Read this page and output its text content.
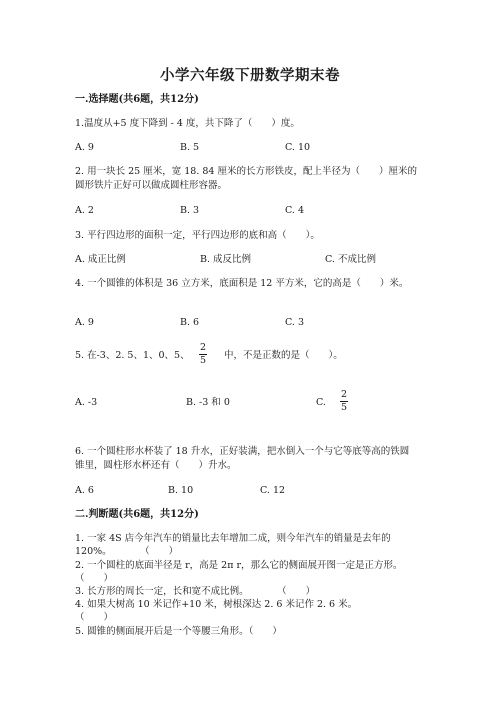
小学六年级下册数学期末卷
一.选择题(共6题，共12分)
1.温度从+5 度下降到 - 4 度，共下降了（　　）度。
A. 9	B. 5	C. 10
2. 用一块长 25 厘米，宽 18. 84 厘米的长方形铁皮，配上半径为（　　）厘米的
圆形铁片正好可以做成圆柱形容器。
A. 2	B. 3	C. 4
3. 平行四边形的面积一定，平行四边形的底和高（　　）。
A. 成正比例	B. 成反比例	C. 不成比例
4. 一个圆锥的体积是 36 立方米，底面积是 12 平方米，它的高是（　　）米。
A. 9	B. 6	C. 3
5. 在-3、2. 5、1、0、5、
2
5 中，不是正数的是（　　）。
A. -3	B. -3 和 0	C.
2
5
6. 一个圆柱形水杯装了 18 升水，正好装满，把水倒入一个与它等底等高的铁圆
锥里，圆柱形水杯还有（　　）升水。
A. 6	B. 10	C. 12
二.判断题(共6题，共12分)
1. 一家 4S 店今年汽车的销量比去年增加二成，则今年汽车的销量是去年的
120%。　　　　（　　）
2. 一个圆柱的底面半径是 r，高是 2π r，那么它的侧面展开图一定是正方形。
（　　）
3. 长方形的周长一定，长和宽不成比例。　　　　（　　）
4. 如果大树高 10 米记作+10 米，树根深达 2. 6 米记作 2. 6 米。
（　　）
5. 圆锥的侧面展开后是一个等腰三角形。（　　）
